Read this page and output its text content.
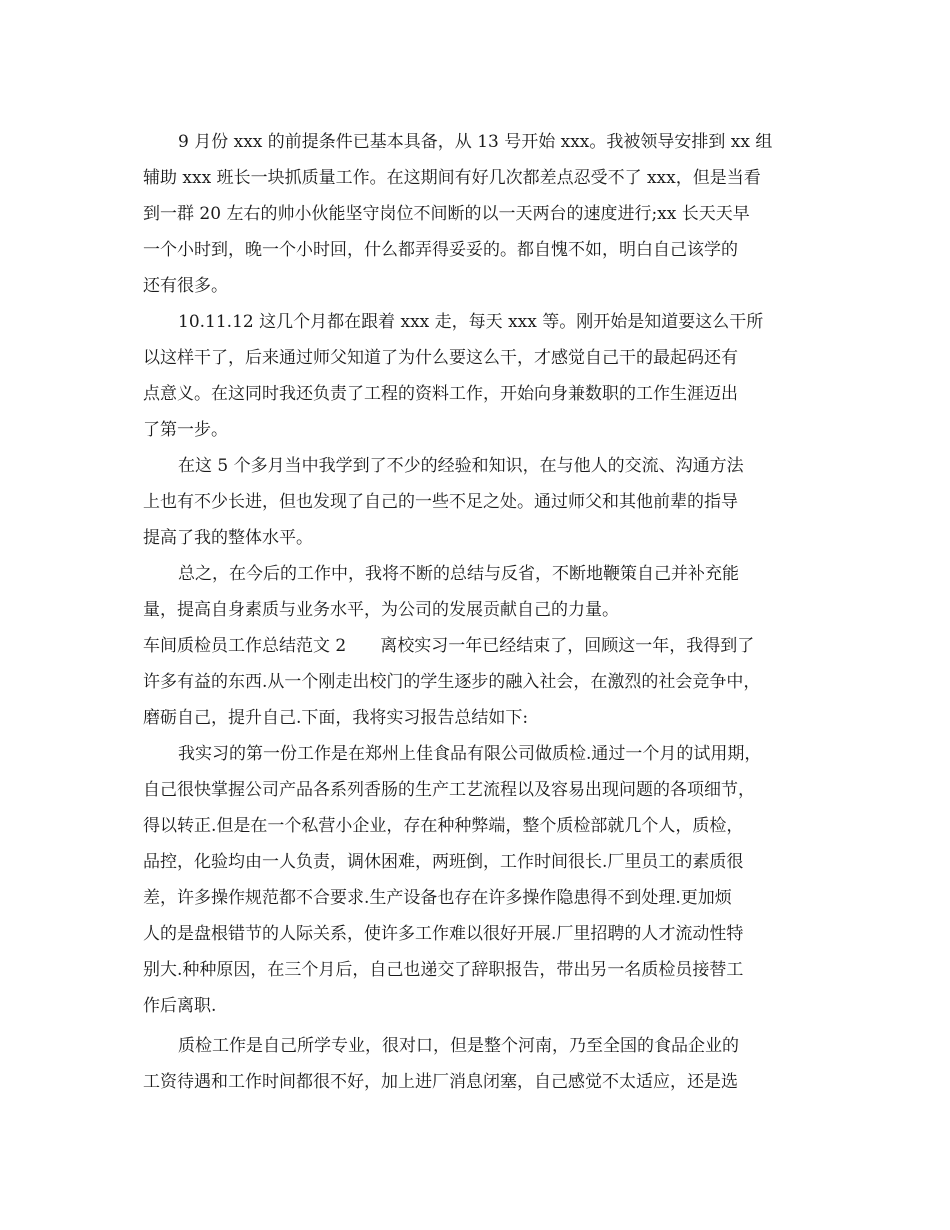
9 月份 xxx 的前提条件已基本具备，从 13 号开始 xxx。我被领导安排到 xx 组
辅助 xxx 班长一块抓质量工作。在这期间有好几次都差点忍受不了 xxx，但是当看
到一群 20 左右的帅小伙能坚守岗位不间断的以一天两台的速度进行;xx 长天天早
一个小时到，晚一个小时回，什么都弄得妥妥的。都自愧不如，明白自己该学的
还有很多。

10.11.12 这几个月都在跟着 xxx 走，每天 xxx 等。刚开始是知道要这么干所
以这样干了，后来通过师父知道了为什么要这么干，才感觉自己干的最起码还有
点意义。在这同时我还负责了工程的资料工作，开始向身兼数职的工作生涯迈出
了第一步。

在这 5 个多月当中我学到了不少的经验和知识，在与他人的交流、沟通方法
上也有不少长进，但也发现了自己的一些不足之处。通过师父和其他前辈的指导
提高了我的整体水平。

总之，在今后的工作中，我将不断的总结与反省，不断地鞭策自己并补充能
量，提高自身素质与业务水平，为公司的发展贡献自己的力量。

车间质检员工作总结范文 2　　离校实习一年已经结束了，回顾这一年，我得到了
许多有益的东西.从一个刚走出校门的学生逐步的融入社会，在激烈的社会竞争中，
磨砺自己，提升自己.下面，我将实习报告总结如下:

我实习的第一份工作是在郑州上佳食品有限公司做质检.通过一个月的试用期，
自己很快掌握公司产品各系列香肠的生产工艺流程以及容易出现问题的各项细节，
得以转正.但是在一个私营小企业，存在种种弊端，整个质检部就几个人，质检，
品控，化验均由一人负责，调休困难，两班倒，工作时间很长.厂里员工的素质很
差，许多操作规范都不合要求.生产设备也存在许多操作隐患得不到处理.更加烦
人的是盘根错节的人际关系，使许多工作难以很好开展.厂里招聘的人才流动性特
别大.种种原因，在三个月后，自己也递交了辞职报告，带出另一名质检员接替工
作后离职.

质检工作是自己所学专业，很对口，但是整个河南，乃至全国的食品企业的
工资待遇和工作时间都很不好，加上进厂消息闭塞，自己感觉不太适应，还是选
